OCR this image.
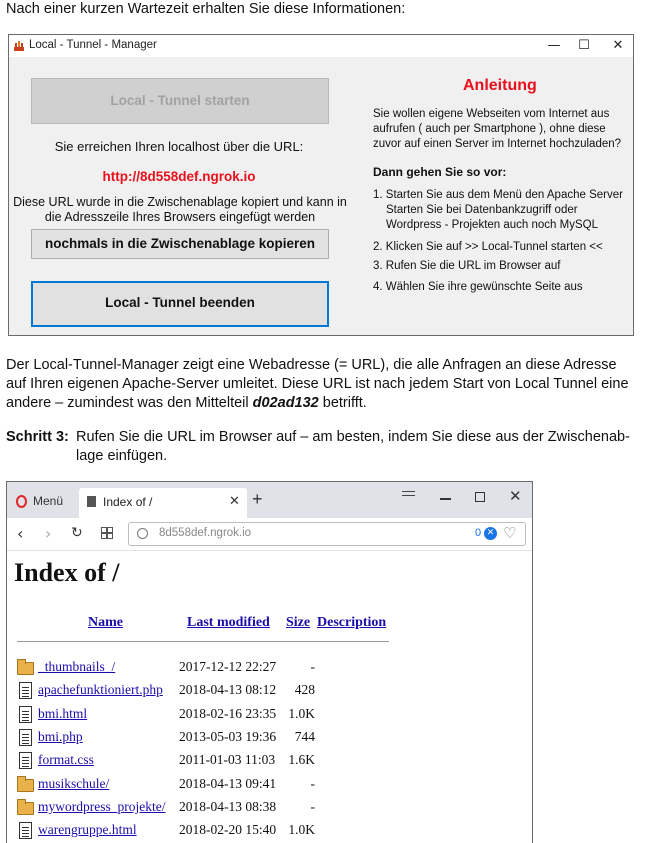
Nach einer kurzen Wartezeit erhalten Sie diese Informationen:
Local - Tunnel - Manager	—	☐	✕
Local - Tunnel starten
Sie erreichen Ihren localhost über die URL:
http://8d558def.ngrok.io
Diese URL wurde in die Zwischenablage kopiert und kann in
die Adresszeile Ihres Browsers eingefügt werden
nochmals in die Zwischenablage kopieren
Local - Tunnel beenden
Anleitung
Sie wollen eigene Webseiten vom Internet aus
aufrufen ( auch per Smartphone ), ohne diese
zuvor auf einen Server im Internet hochzuladen?
Dann gehen Sie so vor:
1. Starten Sie aus dem Menü den Apache Server
Starten Sie bei Datenbankzugriff oder
Wordpress - Projekten auch noch MySQL
2. Klicken Sie auf >> Local-Tunnel starten <<
3. Rufen Sie die URL im Browser auf
4. Wählen Sie ihre gewünschte Seite aus
Der Local-Tunnel-Manager zeigt eine Webadresse (= URL), die alle Anfragen an diese Adresse
auf Ihren eigenen Apache-Server umleitet. Diese URL ist nach jedem Start von Local Tunnel eine
andere – zumindest was den Mittelteil d02ad132 betrifft.
Schritt 3: Rufen Sie die URL im Browser auf – am besten, indem Sie diese aus der Zwischenab-
lage einfügen.
Menü	Index of /	✕ +	✕
‹ › ↻	8d558def.ngrok.io	0 ✕ ♡
Index of /
Name	Last modified Size Description
_thumbnails_/	2017-12-12 22:27	-
apachefunktioniert.php 2018-04-13 08:12	428
bmi.html	2018-02-16 23:35 1.0K
bmi.php	2013-05-03 19:36	744
format.css	2011-01-03 11:03 1.6K
musikschule/	2018-04-13 09:41	-
mywordpress_projekte/ 2018-04-13 08:38	-
warengruppe.html	2018-02-20 15:40 1.0K
